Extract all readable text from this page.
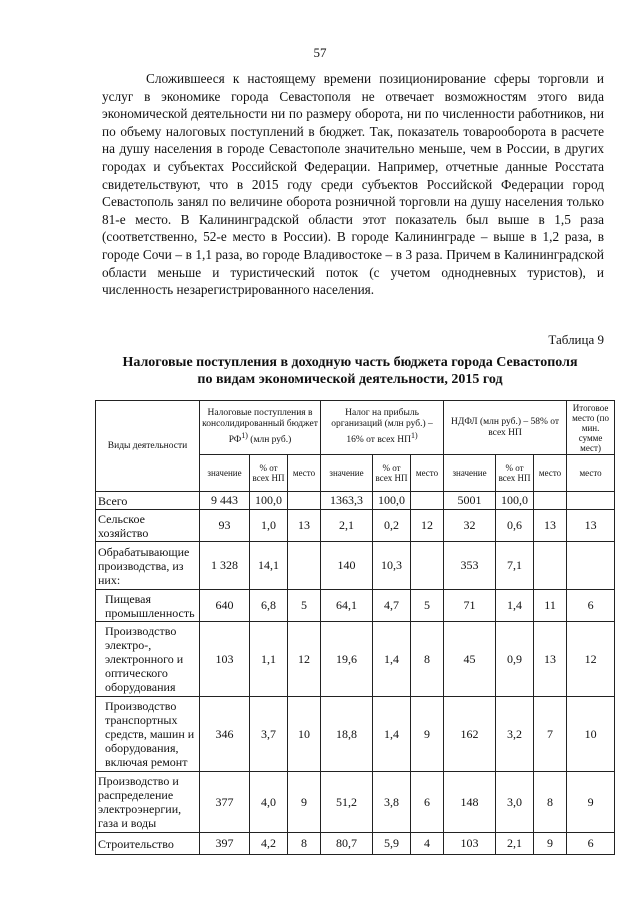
57

Сложившееся к настоящему времени позиционирование сферы торговли и услуг в экономике города Севастополя не отвечает возможностям этого вида экономической деятельности ни по размеру оборота, ни по численности работников, ни по объему налоговых поступлений в бюджет. Так, показатель товарооборота в расчете на душу населения в городе Севастополе значительно меньше, чем в России, в других городах и субъектах Российской Федерации. Например, отчетные данные Росстата свидетельствуют, что в 2015 году среди субъектов Российской Федерации город Севастополь занял по величине оборота розничной торговли на душу населения только 81-е место. В Калининградской области этот показатель был выше в 1,5 раза (соответственно, 52-е место в России). В городе Калининграде – выше в 1,2 раза, в городе Сочи – в 1,1 раза, во городе Владивостоке – в 3 раза. Причем в Калининградской области меньше и туристический поток (с учетом однодневных туристов), и численность незарегистрированного населения.

Таблица 9
Налоговые поступления в доходную часть бюджета города Севастополя
по видам экономической деятельности, 2015 год
Виды деятельности	Налоговые поступления в консолидированный бюджет РФ$^{1)}$ (млн руб.)			Налог на прибыль организаций (млн руб.) – 16% от всех НП$^{1)}$			НДФЛ (млн руб.) – 58% от всех НП			Итоговое место (по мин. сумме мест)
	значение	% от всех НП	место	значение	% от всех НП	место	значение	% от всех НП	место	место
Всего	9 443	100,0		1363,3	100,0		5001	100,0		
Сельское хозяйство	93	1,0	13	2,1	0,2	12	32	0,6	13	13
Обрабатывающие производства, из них:	1 328	14,1		140	10,3		353	7,1		
Пищевая промышленность	640	6,8	5	64,1	4,7	5	71	1,4	11	6
Производство электро-, электронного и оптического оборудования	103	1,1	12	19,6	1,4	8	45	0,9	13	12
Производство транспортных средств, машин и оборудования, включая ремонт	346	3,7	10	18,8	1,4	9	162	3,2	7	10
Производство и распределение электроэнергии, газа и воды	377	4,0	9	51,2	3,8	6	148	3,0	8	9
Строительство	397	4,2	8	80,7	5,9	4	103	2,1	9	6
